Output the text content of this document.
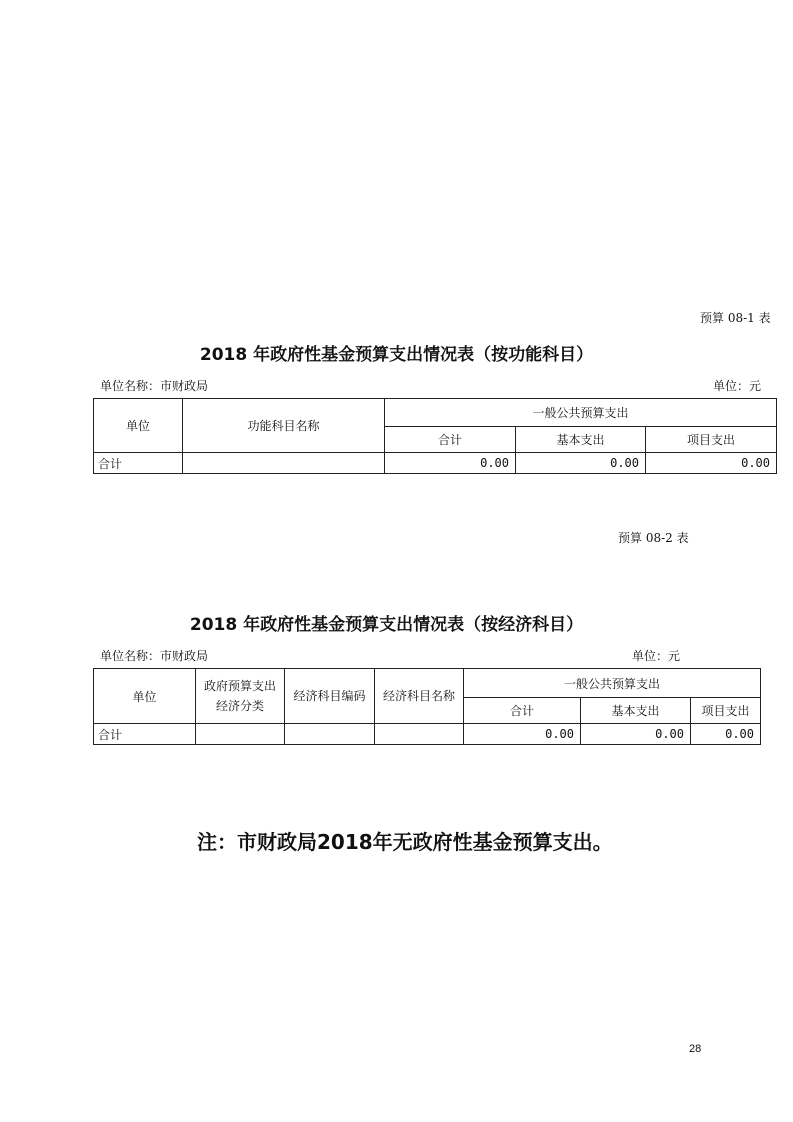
预算 08-1 表
2018 年政府性基金预算支出情况表（按功能科目）
单位名称：市财政局	单位：元
单位	功能科目名称	一般公共预算支出		
		合计	基本支出	项目支出
合计		0.00	0.00	0.00
预算 08-2 表
2018 年政府性基金预算支出情况表（按经济科目）
单位名称：市财政局	单位：元
单位	政府预算支出经济分类	经济科目编码	经济科目名称	一般公共预算支出		
				合计	基本支出	项目支出
合计				0.00	0.00	0.00
注：市财政局2018年无政府性基金预算支出。
28
